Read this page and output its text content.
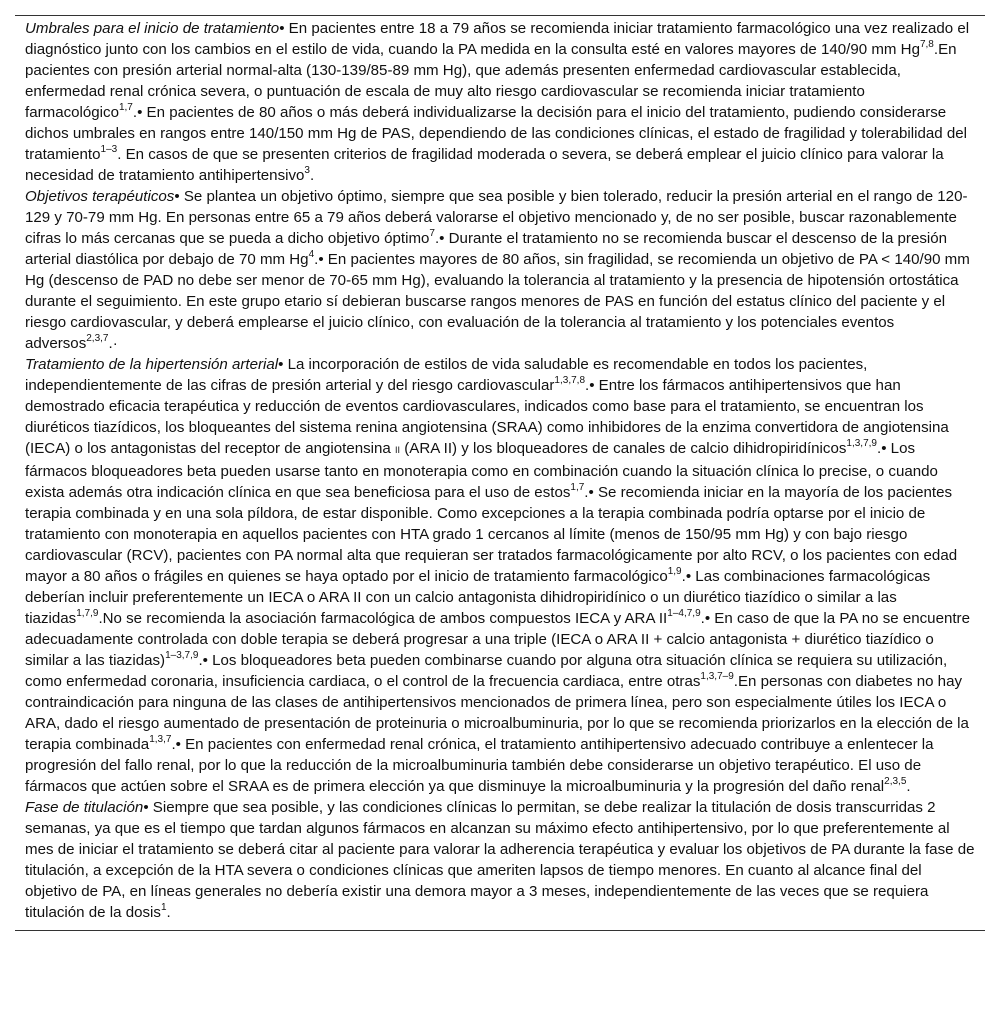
Umbrales para el inicio de tratamiento• En pacientes entre 18 a 79 años se recomienda iniciar tratamiento farmacológico una vez realizado el diagnóstico junto con los cambios en el estilo de vida, cuando la PA medida en la consulta esté en valores mayores de 140/90 mm Hg$^{7,8}$.En pacientes con presión arterial normal-alta (130-139/85-89 mm Hg), que además presenten enfermedad cardiovascular establecida, enfermedad renal crónica severa, o puntuación de escala de muy alto riesgo cardiovascular se recomienda iniciar tratamiento farmacológico$^{1,7}$.• En pacientes de 80 años o más deberá individualizarse la decisión para el inicio del tratamiento, pudiendo considerarse dichos umbrales en rangos entre 140/150 mm Hg de PAS, dependiendo de las condiciones clínicas, el estado de fragilidad y tolerabilidad del tratamiento$^{1-3}$. En casos de que se presenten criterios de fragilidad moderada o severa, se deberá emplear el juicio clínico para valorar la necesidad de tratamiento antihipertensivo$^3$.
Objetivos terapéuticos• Se plantea un objetivo óptimo, siempre que sea posible y bien tolerado, reducir la presión arterial en el rango de 120-129 y 70-79 mm Hg. En personas entre 65 a 79 años deberá valorarse el objetivo mencionado y, de no ser posible, buscar razonablemente cifras lo más cercanas que se pueda a dicho objetivo óptimo$^7$.• Durante el tratamiento no se recomienda buscar el descenso de la presión arterial diastólica por debajo de 70 mm Hg$^4$.• En pacientes mayores de 80 años, sin fragilidad, se recomienda un objetivo de PA < 140/90 mm Hg (descenso de PAD no debe ser menor de 70-65 mm Hg), evaluando la tolerancia al tratamiento y la presencia de hipotensión ortostática durante el seguimiento. En este grupo etario sí debieran buscarse rangos menores de PAS en función del estatus clínico del paciente y el riesgo cardiovascular, y deberá emplearse el juicio clínico, con evaluación de la tolerancia al tratamiento y los potenciales eventos adversos$^{2,3,7}$.·
Tratamiento de la hipertensión arterial• La incorporación de estilos de vida saludable es recomendable en todos los pacientes, independientemente de las cifras de presión arterial y del riesgo cardiovascular$^{1,3,7,8}$.• Entre los fármacos antihipertensivos que han demostrado eficacia terapéutica y reducción de eventos cardiovasculares, indicados como base para el tratamiento, se encuentran los diuréticos tiazídicos, los bloqueantes del sistema renina angiotensina (SRAA) como inhibidores de la enzima convertidora de angiotensina (IECA) o los antagonistas del receptor de angiotensina II (ARA II) y los bloqueadores de canales de calcio dihidropiridínicos$^{1,3,7,9}$.• Los fármacos bloqueadores beta pueden usarse tanto en monoterapia como en combinación cuando la situación clínica lo precise, o cuando exista además otra indicación clínica en que sea beneficiosa para el uso de estos$^{1,7}$.• Se recomienda iniciar en la mayoría de los pacientes terapia combinada y en una sola píldora, de estar disponible. Como excepciones a la terapia combinada podría optarse por el inicio de tratamiento con monoterapia en aquellos pacientes con HTA grado 1 cercanos al límite (menos de 150/95 mm Hg) y con bajo riesgo cardiovascular (RCV), pacientes con PA normal alta que requieran ser tratados farmacológicamente por alto RCV, o los pacientes con edad mayor a 80 años o frágiles en quienes se haya optado por el inicio de tratamiento farmacológico$^{1,9}$.• Las combinaciones farmacológicas deberían incluir preferentemente un IECA o ARA II con un calcio antagonista dihidropiridínico o un diurético tiazídico o similar a las tiazidas$^{1,7,9}$.No se recomienda la asociación farmacológica de ambos compuestos IECA y ARA II$^{1-4,7,9}$.• En caso de que la PA no se encuentre adecuadamente controlada con doble terapia se deberá progresar a una triple (IECA o ARA II + calcio antagonista + diurético tiazídico o similar a las tiazidas)$^{1-3,7,9}$.• Los bloqueadores beta pueden combinarse cuando por alguna otra situación clínica se requiera su utilización, como enfermedad coronaria, insuficiencia cardiaca, o el control de la frecuencia cardiaca, entre otras$^{1,3,7-9}$.En personas con diabetes no hay contraindicación para ninguna de las clases de antihipertensivos mencionados de primera línea, pero son especialmente útiles los IECA o ARA, dado el riesgo aumentado de presentación de proteinuria o microalbuminuria, por lo que se recomienda priorizarlos en la elección de la terapia combinada$^{1,3,7}$.• En pacientes con enfermedad renal crónica, el tratamiento antihipertensivo adecuado contribuye a enlentecer la progresión del fallo renal, por lo que la reducción de la microalbuminuria también debe considerarse un objetivo terapéutico. El uso de fármacos que actúen sobre el SRAA es de primera elección ya que disminuye la microalbuminuria y la progresión del daño renal$^{2,3,5}$.
Fase de titulación• Siempre que sea posible, y las condiciones clínicas lo permitan, se debe realizar la titulación de dosis transcurridas 2 semanas, ya que es el tiempo que tardan algunos fármacos en alcanzan su máximo efecto antihipertensivo, por lo que preferentemente al mes de iniciar el tratamiento se deberá citar al paciente para valorar la adherencia terapéutica y evaluar los objetivos de PA durante la fase de titulación, a excepción de la HTA severa o condiciones clínicas que ameriten lapsos de tiempo menores. En cuanto al alcance final del objetivo de PA, en líneas generales no debería existir una demora mayor a 3 meses, independientemente de las veces que se requiera titulación de la dosis$^1$.
